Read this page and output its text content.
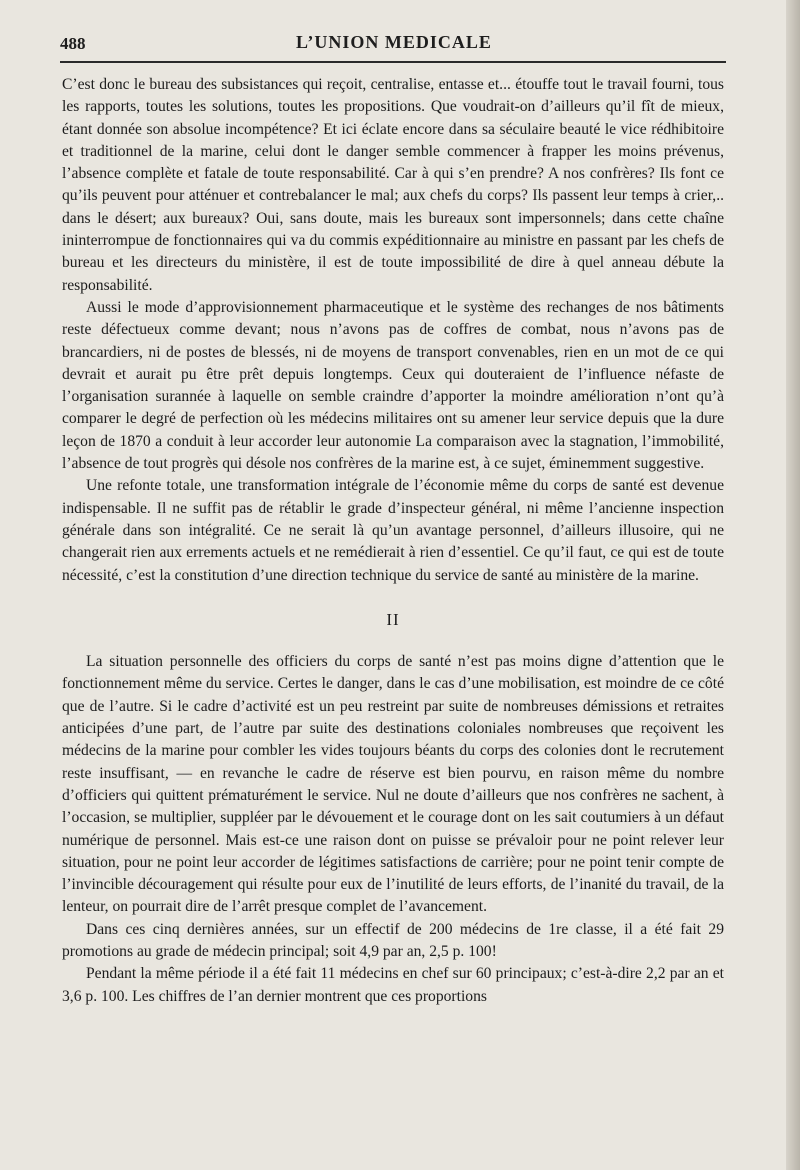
488	L’UNION MEDICALE

C’est donc le bureau des subsistances qui reçoit, centralise, entasse et... étouffe tout le travail fourni, tous les rapports, toutes les solutions, toutes les propositions. Que voudrait-on d’ailleurs qu’il fît de mieux, étant donnée son absolue incompétence? Et ici éclate encore dans sa séculaire beauté le vice rédhibitoire et traditionnel de la marine, celui dont le danger semble commencer à frapper les moins prévenus, l’absence complète et fatale de toute responsabilité. Car à qui s’en prendre? A nos confrères? Ils font ce qu’ils peuvent pour atténuer et contrebalancer le mal; aux chefs du corps? Ils passent leur temps à crier,.. dans le désert; aux bureaux? Oui, sans doute, mais les bureaux sont impersonnels; dans cette chaîne ininterrompue de fonctionnaires qui va du commis expéditionnaire au ministre en passant par les chefs de bureau et les directeurs du ministère, il est de toute impossibilité de dire à quel anneau débute la responsabilité.

Aussi le mode d’approvisionnement pharmaceutique et le système des rechanges de nos bâtiments reste défectueux comme devant; nous n’avons pas de coffres de combat, nous n’avons pas de brancardiers, ni de postes de blessés, ni de moyens de transport convenables, rien en un mot de ce qui devrait et aurait pu être prêt depuis longtemps. Ceux qui douteraient de l’influence néfaste de l’organisation surannée à laquelle on semble craindre d’apporter la moindre amélioration n’ont qu’à comparer le degré de perfection où les médecins militaires ont su amener leur service depuis que la dure leçon de 1870 a conduit à leur accorder leur autonomie La comparaison avec la stagnation, l’immobilité, l’absence de tout progrès qui désole nos confrères de la marine est, à ce sujet, éminemment suggestive.

Une refonte totale, une transformation intégrale de l’économie même du corps de santé est devenue indispensable. Il ne suffit pas de rétablir le grade d’inspecteur général, ni même l’ancienne inspection générale dans son intégralité. Ce ne serait là qu’un avantage personnel, d’ailleurs illusoire, qui ne changerait rien aux errements actuels et ne remédierait à rien d’essentiel. Ce qu’il faut, ce qui est de toute nécessité, c’est la constitution d’une direction technique du service de santé au ministère de la marine.

II

La situation personnelle des officiers du corps de santé n’est pas moins digne d’attention que le fonctionnement même du service. Certes le danger, dans le cas d’une mobilisation, est moindre de ce côté que de l’autre. Si le cadre d’activité est un peu restreint par suite de nombreuses démissions et retraites anticipées d’une part, de l’autre par suite des destinations coloniales nombreuses que reçoivent les médecins de la marine pour combler les vides toujours béants du corps des colonies dont le recrutement reste insuffisant, — en revanche le cadre de réserve est bien pourvu, en raison même du nombre d’officiers qui quittent prématurément le service. Nul ne doute d’ailleurs que nos confrères ne sachent, à l’occasion, se multiplier, suppléer par le dévouement et le courage dont on les sait coutumiers à un défaut numérique de personnel. Mais est-ce une raison dont on puisse se prévaloir pour ne point relever leur situation, pour ne point leur accorder de légitimes satisfactions de carrière; pour ne point tenir compte de l’invincible découragement qui résulte pour eux de l’inutilité de leurs efforts, de l’inanité du travail, de la lenteur, on pourrait dire de l’arrêt presque complet de l’avancement.

Dans ces cinq dernières années, sur un effectif de 200 médecins de 1re classe, il a été fait 29 promotions au grade de médecin principal; soit 4,9 par an, 2,5 p. 100!

Pendant la même période il a été fait 11 médecins en chef sur 60 principaux; c’est-à-dire 2,2 par an et 3,6 p. 100. Les chiffres de l’an dernier montrent que ces proportions
